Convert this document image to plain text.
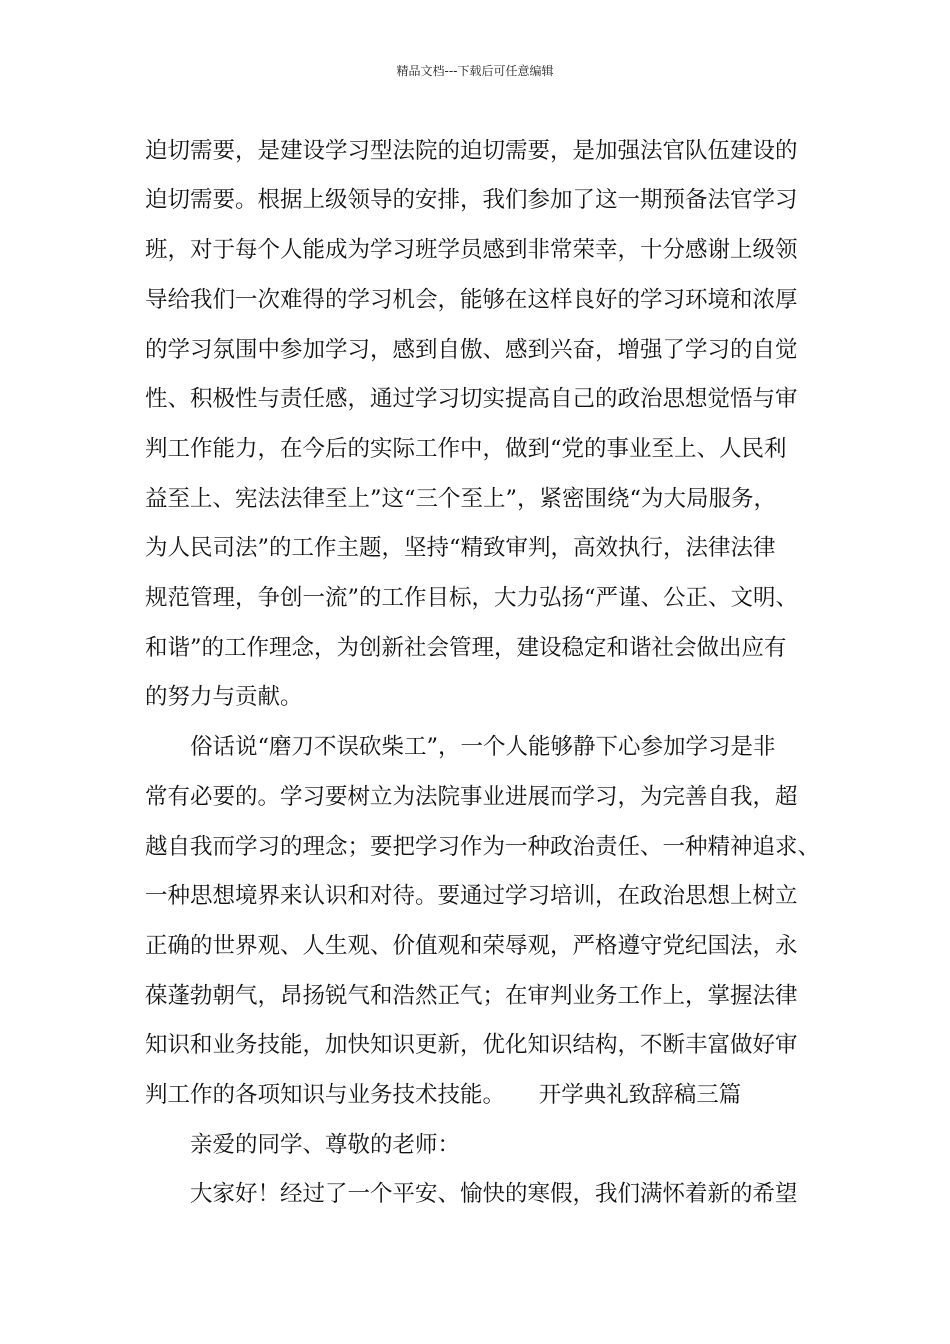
精品文档---下载后可任意编辑
迫切需要，是建设学习型法院的迫切需要，是加强法官队伍建设的
迫切需要。根据上级领导的安排，我们参加了这一期预备法官学习
班，对于每个人能成为学习班学员感到非常荣幸，十分感谢上级领
导给我们一次难得的学习机会，能够在这样良好的学习环境和浓厚
的学习氛围中参加学习，感到自傲、感到兴奋，增强了学习的自觉
性、积极性与责任感，通过学习切实提高自己的政治思想觉悟与审
判工作能力，在今后的实际工作中，做到“党的事业至上、人民利
益至上、宪法法律至上”这“三个至上”，紧密围绕“为大局服务，
为人民司法”的工作主题，坚持“精致审判，高效执行，法律法律
规范管理，争创一流”的工作目标，大力弘扬“严谨、公正、文明、
和谐”的工作理念，为创新社会管理，建设稳定和谐社会做出应有
的努力与贡献。
俗话说“磨刀不误砍柴工”，一个人能够静下心参加学习是非
常有必要的。学习要树立为法院事业进展而学习，为完善自我，超
越自我而学习的理念；要把学习作为一种政治责任、一种精神追求、
一种思想境界来认识和对待。要通过学习培训，在政治思想上树立
正确的世界观、人生观、价值观和荣辱观，严格遵守党纪国法，永
葆蓬勃朝气，昂扬锐气和浩然正气；在审判业务工作上，掌握法律
知识和业务技能，加快知识更新，优化知识结构，不断丰富做好审
判工作的各项知识与业务技术技能。　　开学典礼致辞稿三篇
亲爱的同学、尊敬的老师：
大家好！经过了一个平安、愉快的寒假，我们满怀着新的希望
